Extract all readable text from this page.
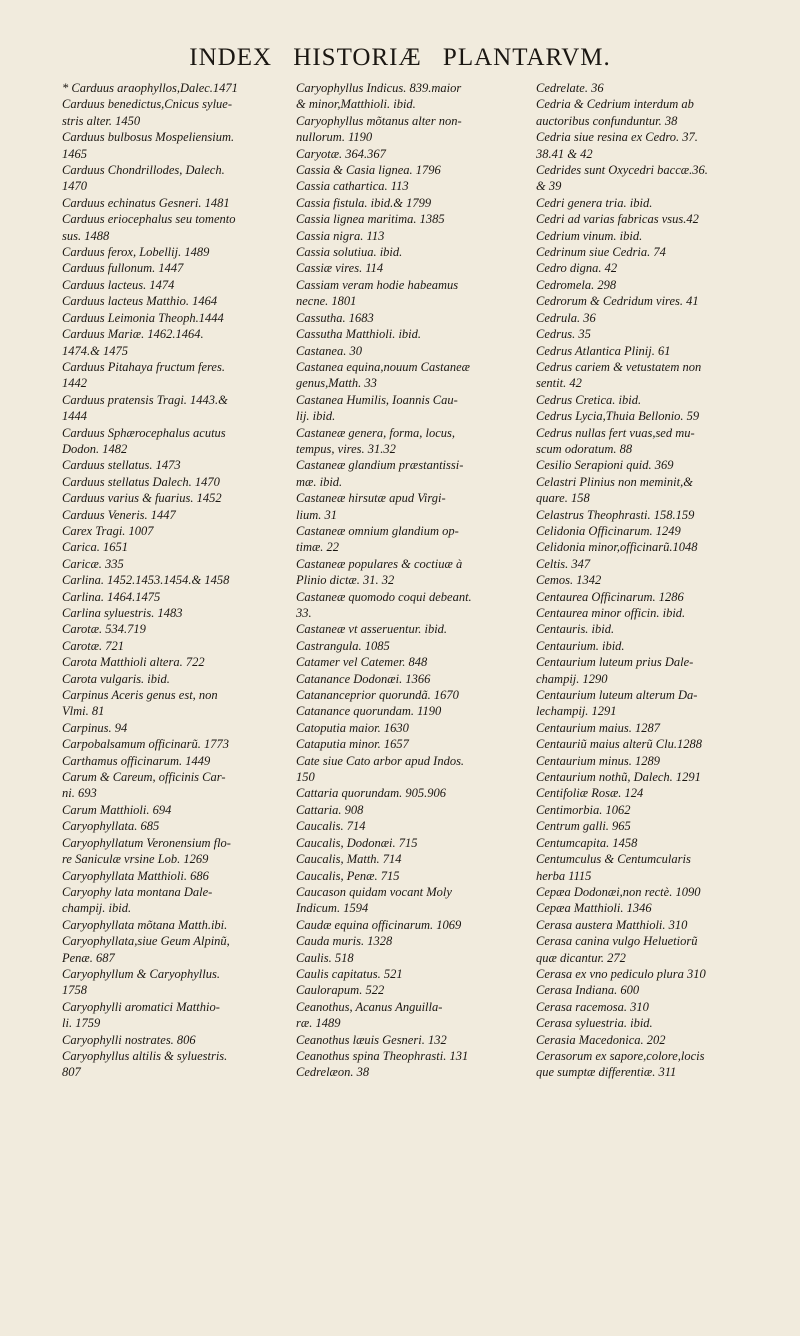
INDEX HISTORIÆ PLANTARVM.
* Carduus araophyllos,Dalec.1471
Carduus benedictus,Cnicus sylue-
stris alter. 1450
Carduus bulbosus Mospeliensium.
1465
Carduus Chondrillodes, Dalech.
1470
Carduus echinatus Gesneri. 1481
Carduus eriocephalus seu tomento
sus. 1488
Carduus ferox, Lobellij. 1489
Carduus fullonum. 1447
Carduus lacteus. 1474
Carduus lacteus Matthio. 1464
Carduus Leimonia Theoph.1444
Carduus Mariæ. 1462.1464.
1474.& 1475
Carduus Pitahaya fructum feres.
1442
Carduus pratensis Tragi. 1443.&
1444
Carduus Sphærocephalus acutus
Dodon. 1482
Carduus stellatus. 1473
Carduus stellatus Dalech. 1470
Carduus varius & fuarius. 1452
Carduus Veneris. 1447
Carex Tragi. 1007
Carica. 1651
Caricæ. 335
Carlina. 1452.1453.1454.& 1458
Carlina. 1464.1475
Carlina syluestris. 1483
Carotæ. 534.719
Carotæ. 721
Carota Matthioli altera. 722
Carota vulgaris. ibid.
Carpinus Aceris genus est, non
Vlmi. 81
Carpinus. 94
Carpobalsamum officinarũ. 1773
Carthamus officinarum. 1449
Carum & Careum, officinis Car-
ni. 693
Carum Matthioli. 694
Caryophyllata. 685
Caryophyllatum Veronensium flo-
re Saniculæ vrsine Lob. 1269
Caryophyllata Matthioli. 686
Caryophy lata montana Dale-
champij. ibid.
Caryophyllata mõtana Matth.ibi.
Caryophyllata,siue Geum Alpinũ,
Penæ. 687
Caryophyllum & Caryophyllus.
1758
Caryophylli aromatici Matthio-
li. 1759
Caryophylli nostrates. 806
Caryophyllus altilis & syluestris.
807
Caryophyllus Indicus. 839.maior
& minor,Matthioli. ibid.
Caryophyllus mõtanus alter non-
nullorum. 1190
Caryotæ. 364.367
Cassia & Casia lignea. 1796
Cassia cathartica. 113
Cassia fistula. ibid.& 1799
Cassia lignea maritima. 1385
Cassia nigra. 113
Cassia solutiua. ibid.
Cassiæ vires. 114
Cassiam veram hodie habeamus
necne. 1801
Cassutha. 1683
Cassutha Matthioli. ibid.
Castanea. 30
Castanea equina,nouum Castaneæ
genus,Matth. 33
Castanea Humilis, Ioannis Cau-
lij. ibid.
Castaneæ genera, forma, locus,
tempus, vires. 31.32
Castaneæ glandium præstantissi-
mæ. ibid.
Castaneæ hirsutæ apud Virgi-
lium. 31
Castaneæ omnium glandium op-
timæ. 22
Castaneæ populares & coctiuæ à
Plinio dictæ. 31. 32
Castaneæ quomodo coqui debeant.
33.
Castaneæ vt asseruentur. ibid.
Castrangula. 1085
Catamer vel Catemer. 848
Catanance Dodonæi. 1366
Catananceprior quorundã. 1670
Catanance quorundam. 1190
Catoputia maior. 1630
Cataputia minor. 1657
Cate siue Cato arbor apud Indos.
150
Cattaria quorundam. 905.906
Cattaria. 908
Caucalis. 714
Caucalis, Dodonæi. 715
Caucalis, Matth. 714
Caucalis, Penæ. 715
Caucason quidam vocant Moly
Indicum. 1594
Caudæ equina officinarum. 1069
Cauda muris. 1328
Caulis. 518
Caulis capitatus. 521
Caulorapum. 522
Ceanothus, Acanus Anguilla-
ræ. 1489
Ceanothus læuis Gesneri. 132
Ceanothus spina Theophrasti. 131
Cedrelæon. 38
Cedrelate. 36
Cedria & Cedrium interdum ab
auctoribus confunduntur. 38
Cedria siue resina ex Cedro. 37.
38.41 & 42
Cedrides sunt Oxycedri baccæ.36.
& 39
Cedri genera tria. ibid.
Cedri ad varias fabricas vsus.42
Cedrium vinum. ibid.
Cedrinum siue Cedria. 74
Cedro digna. 42
Cedromela. 298
Cedrorum & Cedridum vires. 41
Cedrula. 36
Cedrus. 35
Cedrus Atlantica Plinij. 61
Cedrus cariem & vetustatem non
sentit. 42
Cedrus Cretica. ibid.
Cedrus Lycia,Thuia Bellonio. 59
Cedrus nullas fert vuas,sed mu-
scum odoratum. 88
Cesilio Serapioni quid. 369
Celastri Plinius non meminit,&
quare. 158
Celastrus Theophrasti. 158.159
Celidonia Officinarum. 1249
Celidonia minor,officinarũ.1048
Celtis. 347
Cemos. 1342
Centaurea Officinarum. 1286
Centaurea minor officin. ibid.
Centauris. ibid.
Centaurium. ibid.
Centaurium luteum prius Dale-
champij. 1290
Centaurium luteum alterum Da-
lechampij. 1291
Centaurium maius. 1287
Centauriũ maius alterũ Clu.1288
Centaurium minus. 1289
Centaurium nothũ, Dalech. 1291
Centifoliæ Rosæ. 124
Centimorbia. 1062
Centrum galli. 965
Centumcapita. 1458
Centumculus & Centumcularis
herba 1115
Cepæa Dodonæi,non rectè. 1090
Cepæa Matthioli. 1346
Cerasa austera Matthioli. 310
Cerasa canina vulgo Heluetiorũ
quæ dicantur. 272
Cerasa ex vno pediculo plura 310
Cerasa Indiana. 600
Cerasa racemosa. 310
Cerasa syluestria. ibid.
Cerasia Macedonica. 202
Cerasorum ex sapore,colore,locis
que sumptæ differentiæ. 311
